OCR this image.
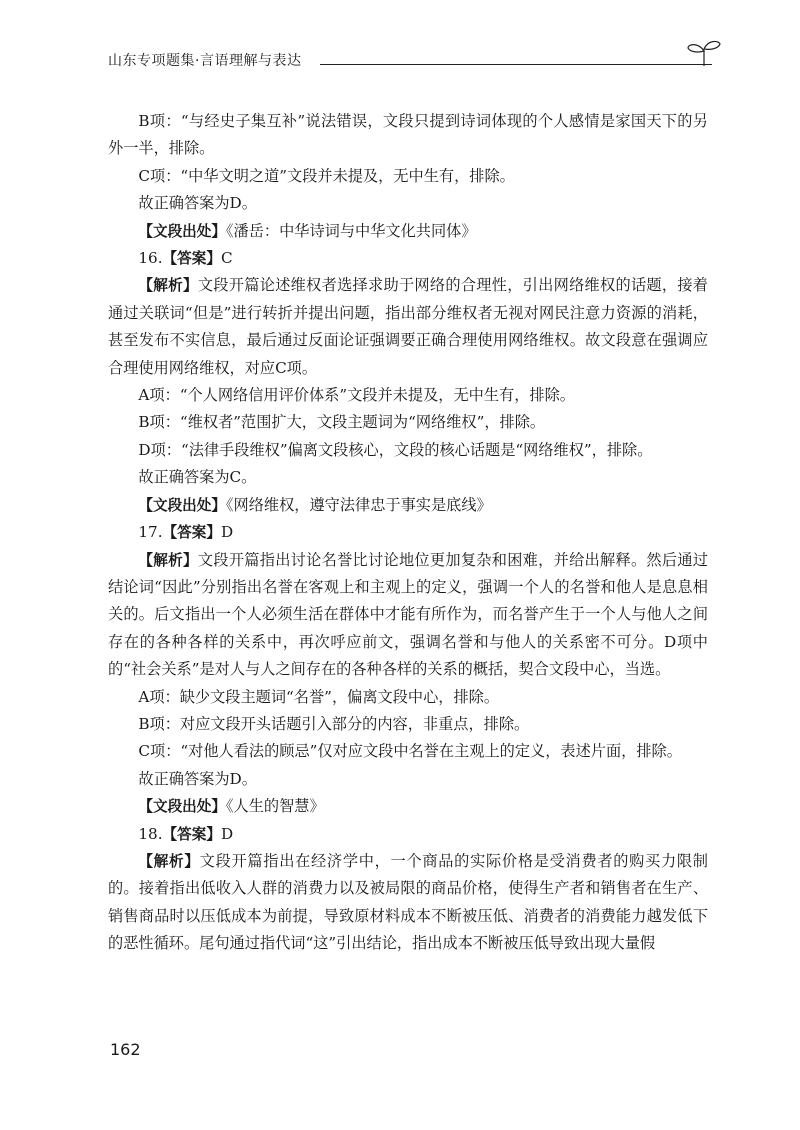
山东专项题集·言语理解与表达

B项：“与经史子集互补”说法错误，文段只提到诗词体现的个人感情是家国天下的另外一半，排除。

C项：“中华文明之道”文段并未提及，无中生有，排除。

故正确答案为D。

【文段出处】《潘岳：中华诗词与中华文化共同体》

16.【答案】C

【解析】文段开篇论述维权者选择求助于网络的合理性，引出网络维权的话题，接着通过关联词“但是”进行转折并提出问题，指出部分维权者无视对网民注意力资源的消耗，甚至发布不实信息，最后通过反面论证强调要正确合理使用网络维权。故文段意在强调应合理使用网络维权，对应C项。

A项：“个人网络信用评价体系”文段并未提及，无中生有，排除。

B项：“维权者”范围扩大，文段主题词为“网络维权”，排除。

D项：“法律手段维权”偏离文段核心，文段的核心话题是“网络维权”，排除。

故正确答案为C。

【文段出处】《网络维权，遵守法律忠于事实是底线》

17.【答案】D

【解析】文段开篇指出讨论名誉比讨论地位更加复杂和困难，并给出解释。然后通过结论词“因此”分别指出名誉在客观上和主观上的定义，强调一个人的名誉和他人是息息相关的。后文指出一个人必须生活在群体中才能有所作为，而名誉产生于一个人与他人之间存在的各种各样的关系中，再次呼应前文，强调名誉和与他人的关系密不可分。D项中的“社会关系”是对人与人之间存在的各种各样的关系的概括，契合文段中心，当选。

A项：缺少文段主题词“名誉”，偏离文段中心，排除。

B项：对应文段开头话题引入部分的内容，非重点，排除。

C项：“对他人看法的顾忌”仅对应文段中名誉在主观上的定义，表述片面，排除。

故正确答案为D。

【文段出处】《人生的智慧》

18.【答案】D

【解析】文段开篇指出在经济学中，一个商品的实际价格是受消费者的购买力限制的。接着指出低收入人群的消费力以及被局限的商品价格，使得生产者和销售者在生产、销售商品时以压低成本为前提，导致原材料成本不断被压低、消费者的消费能力越发低下的恶性循环。尾句通过指代词“这”引出结论，指出成本不断被压低导致出现大量假

162
